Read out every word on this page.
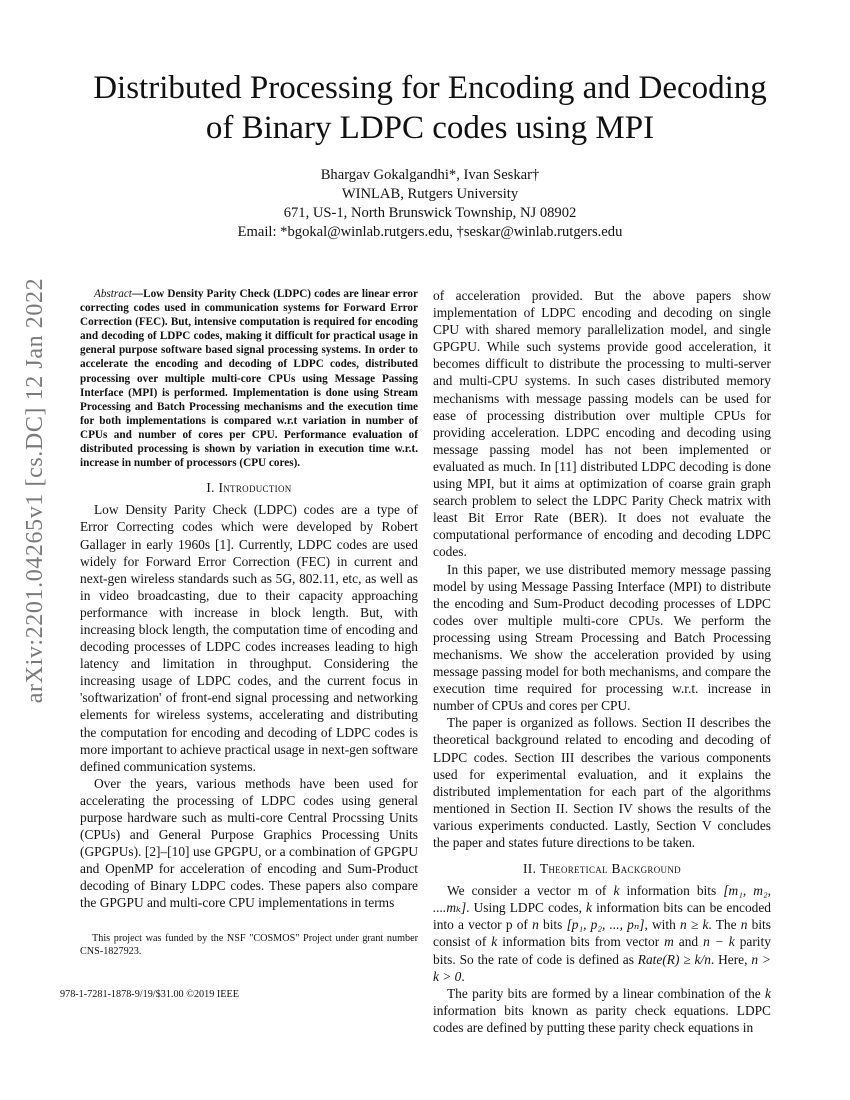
arXiv:2201.04265v1 [cs.DC] 12 Jan 2022
Distributed Processing for Encoding and Decoding
of Binary LDPC codes using MPI
Bhargav Gokalgandhi*, Ivan Seskar†
WINLAB, Rutgers University
671, US-1, North Brunswick Township, NJ 08902
Email: *bgokal@winlab.rutgers.edu, †seskar@winlab.rutgers.edu

Abstract—Low Density Parity Check (LDPC) codes are linear error correcting codes used in communication systems for Forward Error Correction (FEC). But, intensive computation is required for encoding and decoding of LDPC codes, making it difficult for practical usage in general purpose software based signal processing systems. In order to accelerate the encoding and decoding of LDPC codes, distributed processing over multiple multi-core CPUs using Message Passing Interface (MPI) is performed. Implementation is done using Stream Processing and Batch Processing mechanisms and the execution time for both implementations is compared w.r.t variation in number of CPUs and number of cores per CPU. Performance evaluation of distributed processing is shown by variation in execution time w.r.t. increase in number of processors (CPU cores).

I. Introduction

Low Density Parity Check (LDPC) codes are a type of Error Correcting codes which were developed by Robert Gallager in early 1960s [1]. Currently, LDPC codes are used widely for Forward Error Correction (FEC) in current and next-gen wireless standards such as 5G, 802.11, etc, as well as in video broadcasting, due to their capacity approaching performance with increase in block length. But, with increasing block length, the computation time of encoding and decoding processes of LDPC codes increases leading to high latency and limitation in throughput. Considering the increasing usage of LDPC codes, and the current focus in 'softwarization' of front-end signal processing and networking elements for wireless systems, accelerating and distributing the computation for encoding and decoding of LDPC codes is more important to achieve practical usage in next-gen software defined communication systems.

Over the years, various methods have been used for accelerating the processing of LDPC codes using general purpose hardware such as multi-core Central Procssing Units (CPUs) and General Purpose Graphics Processing Units (GPGPUs). [2]–[10] use GPGPU, or a combination of GPGPU and OpenMP for acceleration of encoding and Sum-Product decoding of Binary LDPC codes. These papers also compare the GPGPU and multi-core CPU implementations in terms

This project was funded by the NSF "COSMOS" Project under grant number CNS-1827923.

978-1-7281-1878-9/19/$31.00 ©2019 IEEE

of acceleration provided. But the above papers show implementation of LDPC encoding and decoding on single CPU with shared memory parallelization model, and single GPGPU. While such systems provide good acceleration, it becomes difficult to distribute the processing to multi-server and multi-CPU systems. In such cases distributed memory mechanisms with message passing models can be used for ease of processing distribution over multiple CPUs for providing acceleration. LDPC encoding and decoding using message passing model has not been implemented or evaluated as much. In [11] distributed LDPC decoding is done using MPI, but it aims at optimization of coarse grain graph search problem to select the LDPC Parity Check matrix with least Bit Error Rate (BER). It does not evaluate the computational performance of encoding and decoding LDPC codes.

In this paper, we use distributed memory message passing model by using Message Passing Interface (MPI) to distribute the encoding and Sum-Product decoding processes of LDPC codes over multiple multi-core CPUs. We perform the processing using Stream Processing and Batch Processing mechanisms. We show the acceleration provided by using message passing model for both mechanisms, and compare the execution time required for processing w.r.t. increase in number of CPUs and cores per CPU.

The paper is organized as follows. Section II describes the theoretical background related to encoding and decoding of LDPC codes. Section III describes the various components used for experimental evaluation, and it explains the distributed implementation for each part of the algorithms mentioned in Section II. Section IV shows the results of the various experiments conducted. Lastly, Section V concludes the paper and states future directions to be taken.

II. Theoretical Background

We consider a vector m of k information bits [m₁, m₂, ....mₖ]. Using LDPC codes, k information bits can be encoded into a vector p of n bits [p₁, p₂, ..., pₙ], with n ≥ k. The n bits consist of k information bits from vector m and n − k parity bits. So the rate of code is defined as Rate(R) ≥ k/n. Here, n > k > 0.

The parity bits are formed by a linear combination of the k information bits known as parity check equations. LDPC codes are defined by putting these parity check equations in
